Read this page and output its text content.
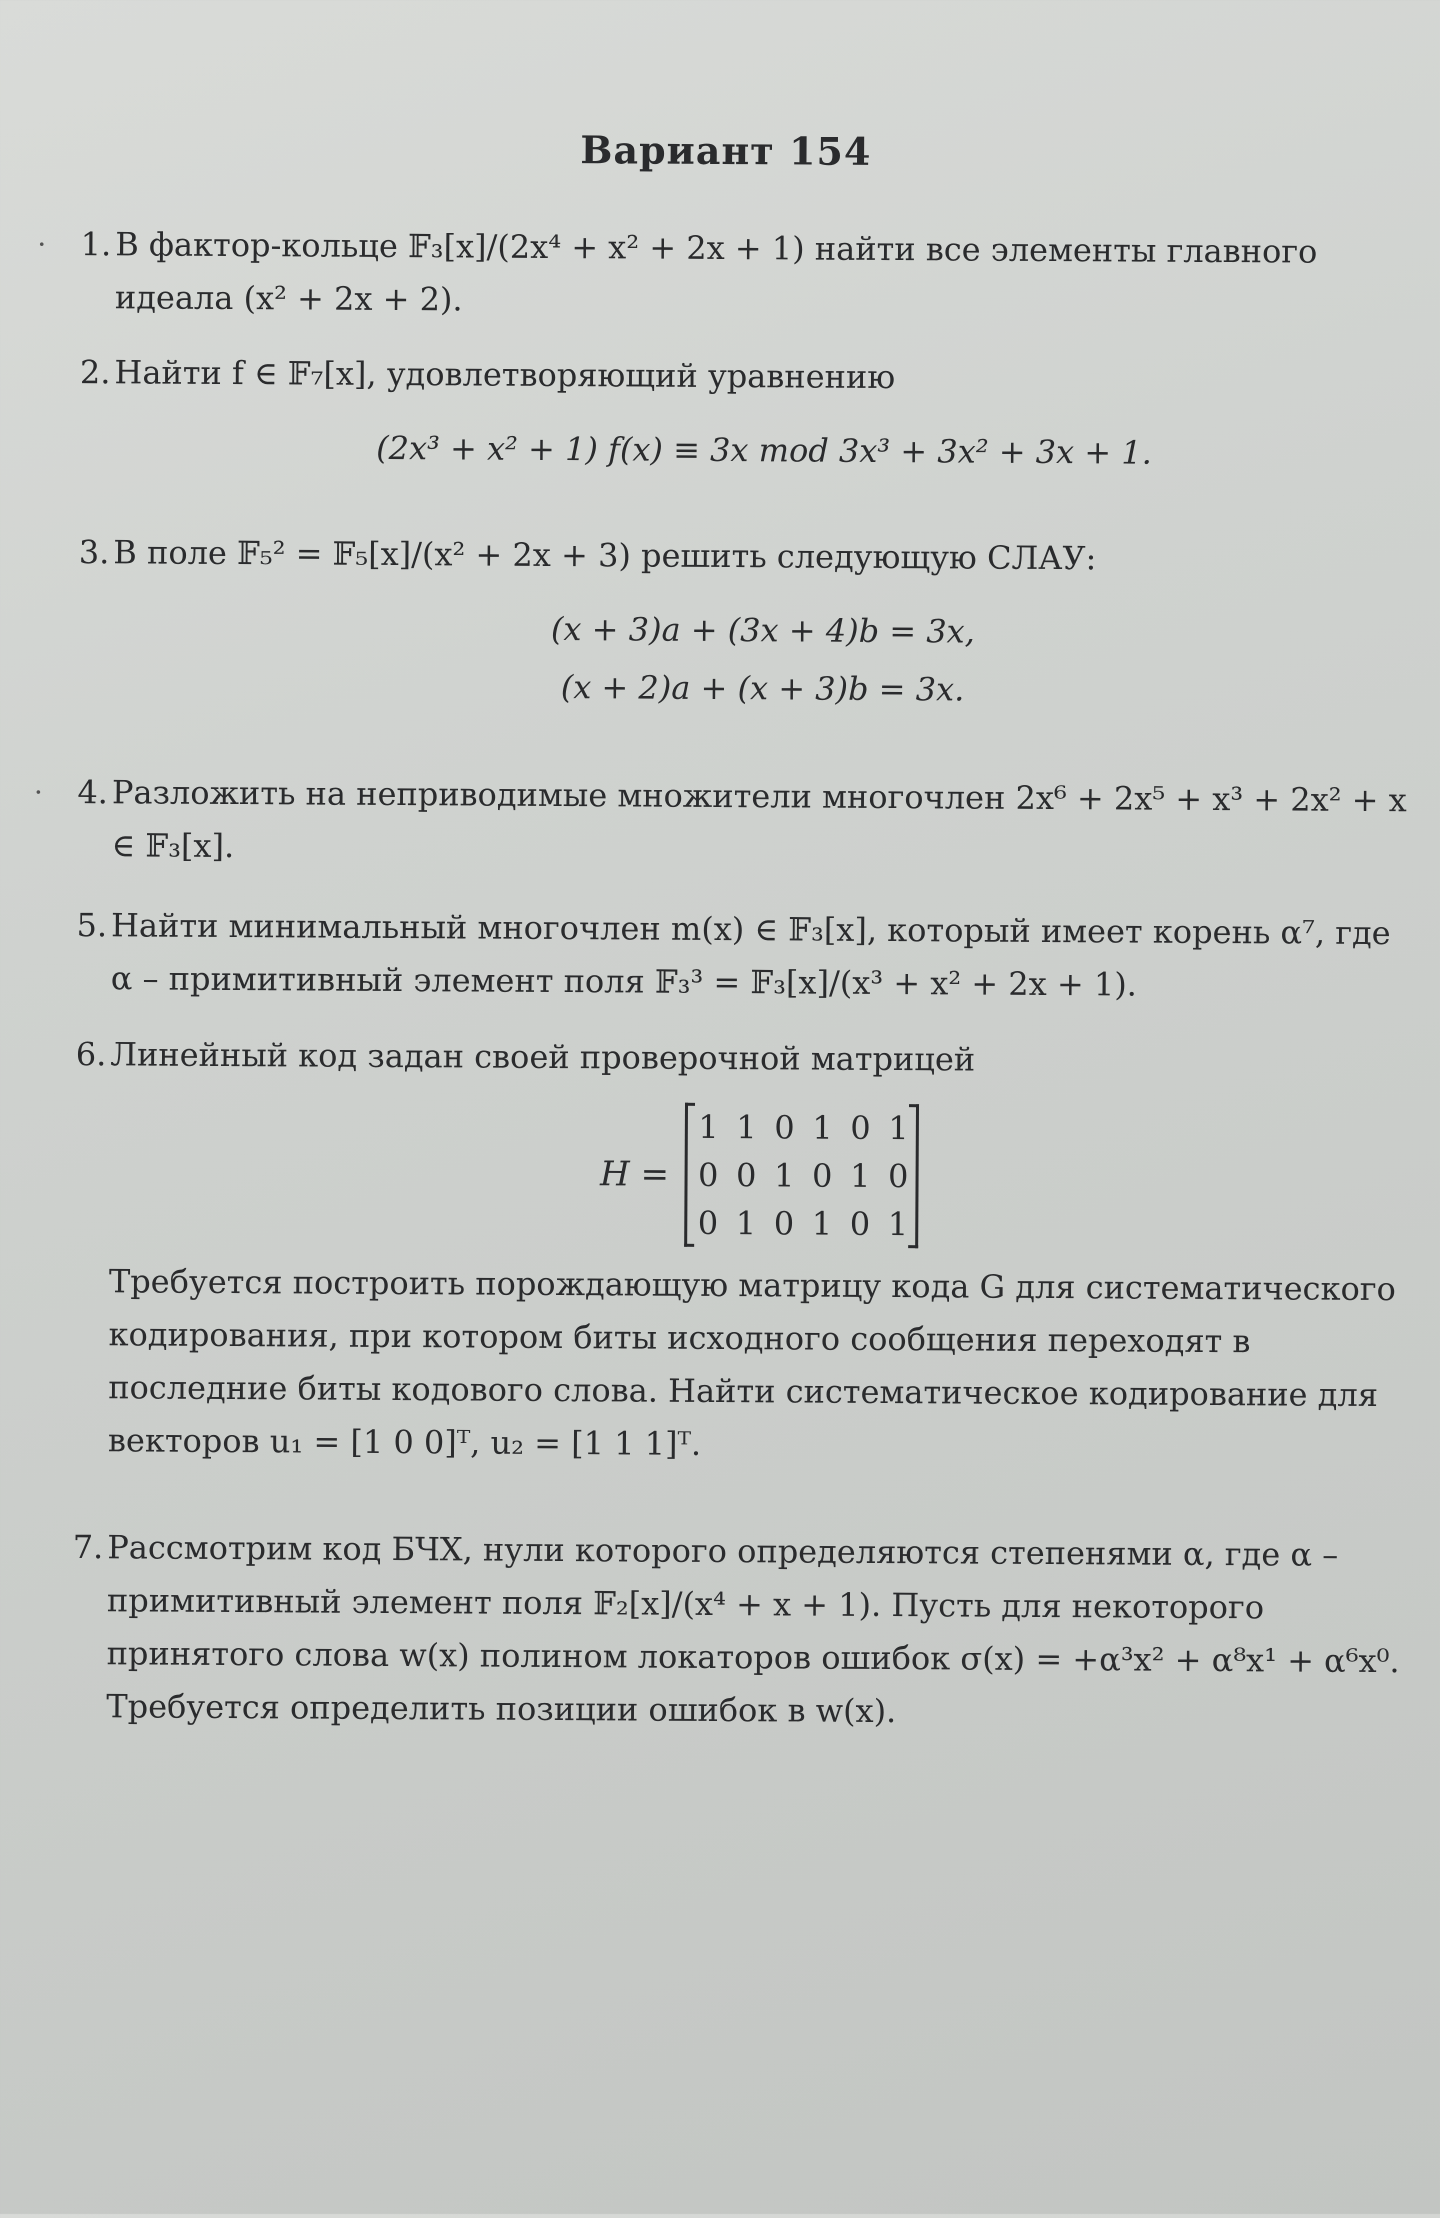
Вариант 154
·	1. В фактор-кольце 𝔽₃[x]/(2x⁴ + x² + 2x + 1) найти все элементы главного идеала (x² + 2x + 2).
2. Найти f ∈ 𝔽₇[x], удовлетворяющий уравнению
(2x³ + x² + 1) f(x) ≡ 3x mod 3x³ + 3x² + 3x + 1.
3. В поле 𝔽₅² = 𝔽₅[x]/(x² + 2x + 3) решить следующую СЛАУ:
(x + 3)a + (3x + 4)b = 3x,
(x + 2)a + (x + 3)b = 3x.
·	4. Разложить на неприводимые множители многочлен 2x⁶ + 2x⁵ + x³ + 2x² + x ∈ 𝔽₃[x].
5. Найти минимальный многочлен m(x) ∈ 𝔽₃[x], который имеет корень α⁷, где α – примитивный элемент поля 𝔽₃³ = 𝔽₃[x]/(x³ + x² + 2x + 1).
6. Линейный код задан своей проверочной матрицей
H =
1 1 0 1 0 1
0 0 1 0 1 0
0 1 0 1 0 1
Требуется построить порождающую матрицу кода G для систематического кодирования, при котором биты исходного сообщения переходят в последние биты кодового слова. Найти систематическое кодирование для векторов u₁ = [1 0 0]ᵀ, u₂ = [1 1 1]ᵀ.
7. Рассмотрим код БЧХ, нули которого определяются степенями α, где α – примитивный элемент поля 𝔽₂[x]/(x⁴ + x + 1). Пусть для некоторого принятого слова w(x) полином локаторов ошибок σ(x) = +α³x² + α⁸x¹ + α⁶x⁰. Требуется определить позиции ошибок в w(x).
